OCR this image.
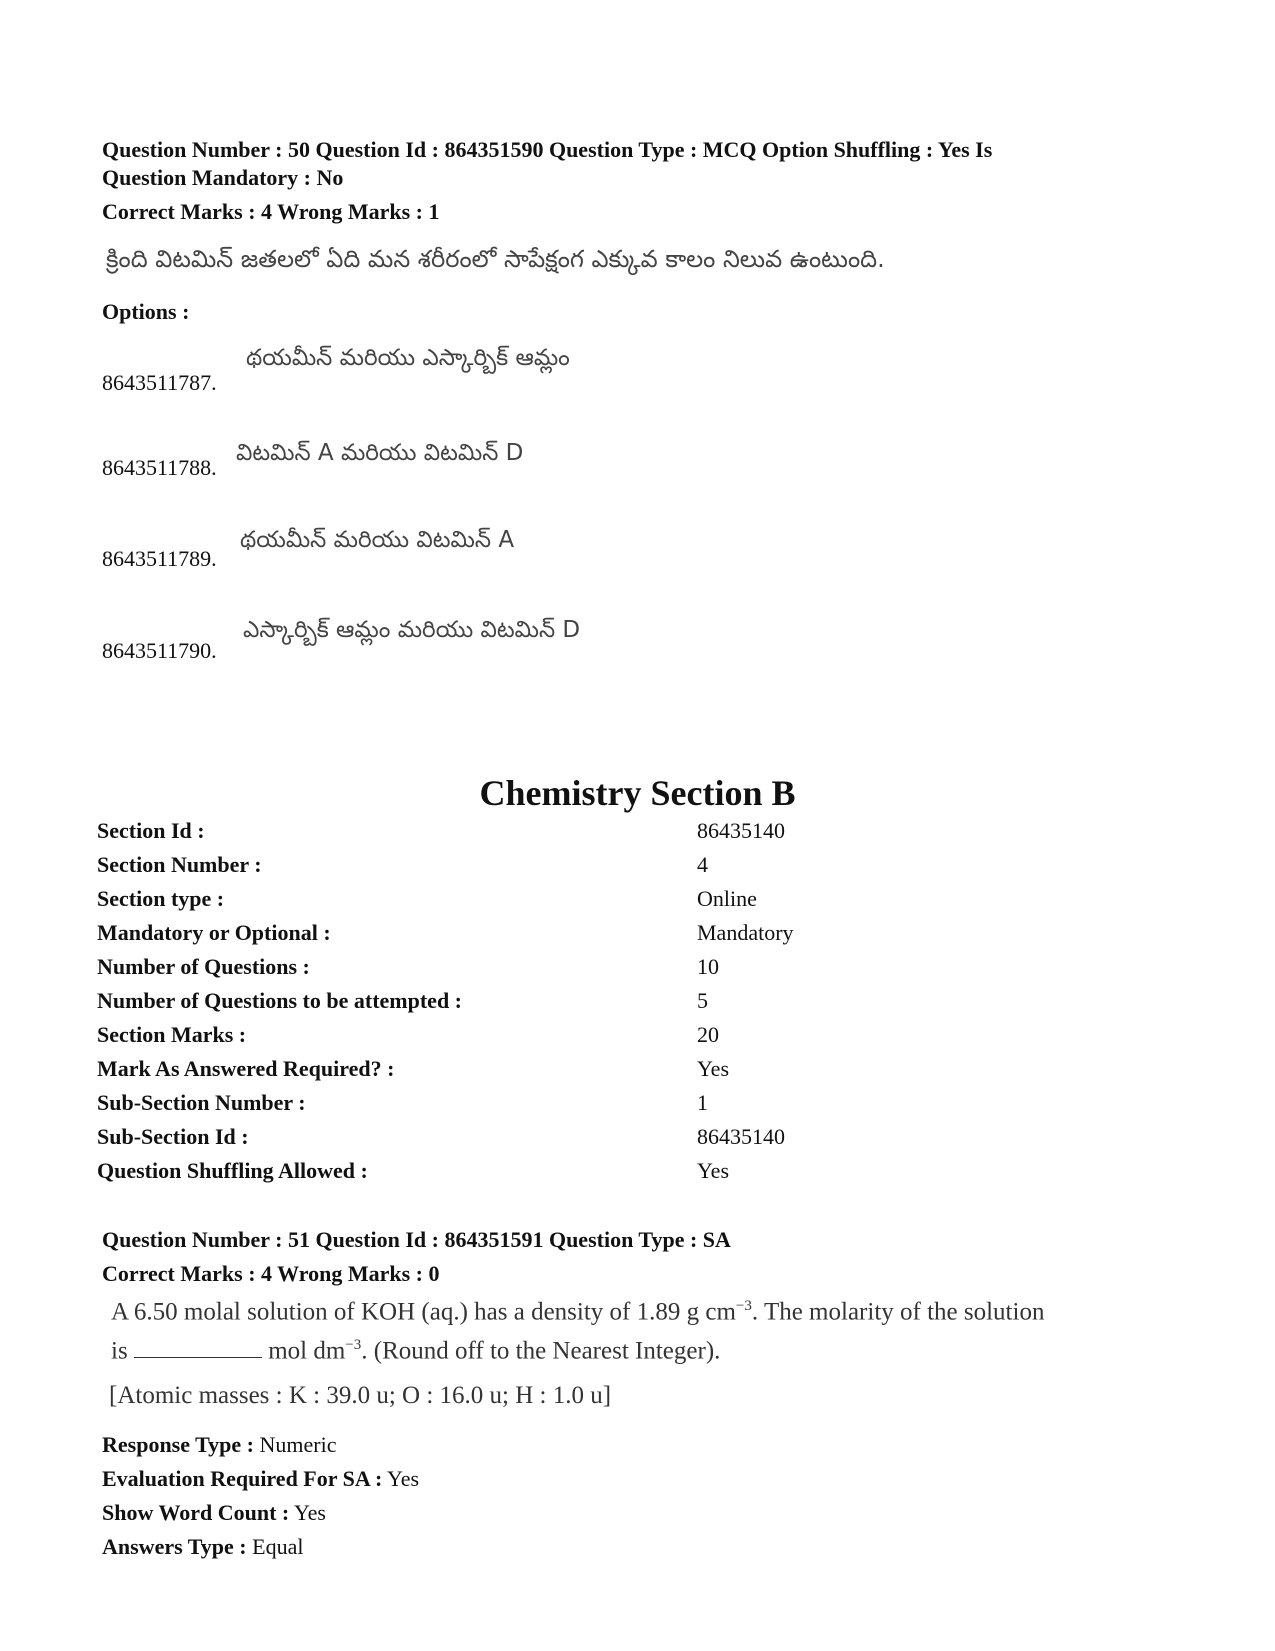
Question Number : 50 Question Id : 864351590 Question Type : MCQ Option Shuffling : Yes Is
Question Mandatory : No
Correct Marks : 4 Wrong Marks : 1
క్రింది విటమిన్ జతలలో ఏది మన శరీరంలో సాపేక్షంగ ఎక్కువ కాలం నిలువ ఉంటుంది.
Options :
8643511787.
థయమీన్ మరియు ఎస్కార్బిక్ ఆమ్లం
8643511788.
విటమిన్ A మరియు విటమిన్ D
8643511789.
థయమీన్ మరియు విటమిన్ A
8643511790.
ఎస్కార్బిక్ ఆమ్లం మరియు విటమిన్ D
Chemistry Section B
Section Id :	86435140
Section Number :	4
Section type :	Online
Mandatory or Optional :	Mandatory
Number of Questions :	10
Number of Questions to be attempted :	5
Section Marks :	20
Mark As Answered Required? :	Yes
Sub-Section Number :	1
Sub-Section Id :	86435140
Question Shuffling Allowed :	Yes
Question Number : 51 Question Id : 864351591 Question Type : SA
Correct Marks : 4 Wrong Marks : 0
A 6.50 molal solution of KOH (aq.) has a density of 1.89 g $cm^{-3}$. The molarity of the solution
is	mol $dm^{-3}$. (Round off to the Nearest Integer).
[Atomic masses : K : 39.0 u; O : 16.0 u; H : 1.0 u]
Response Type : Numeric
Evaluation Required For SA : Yes
Show Word Count : Yes
Answers Type : Equal
